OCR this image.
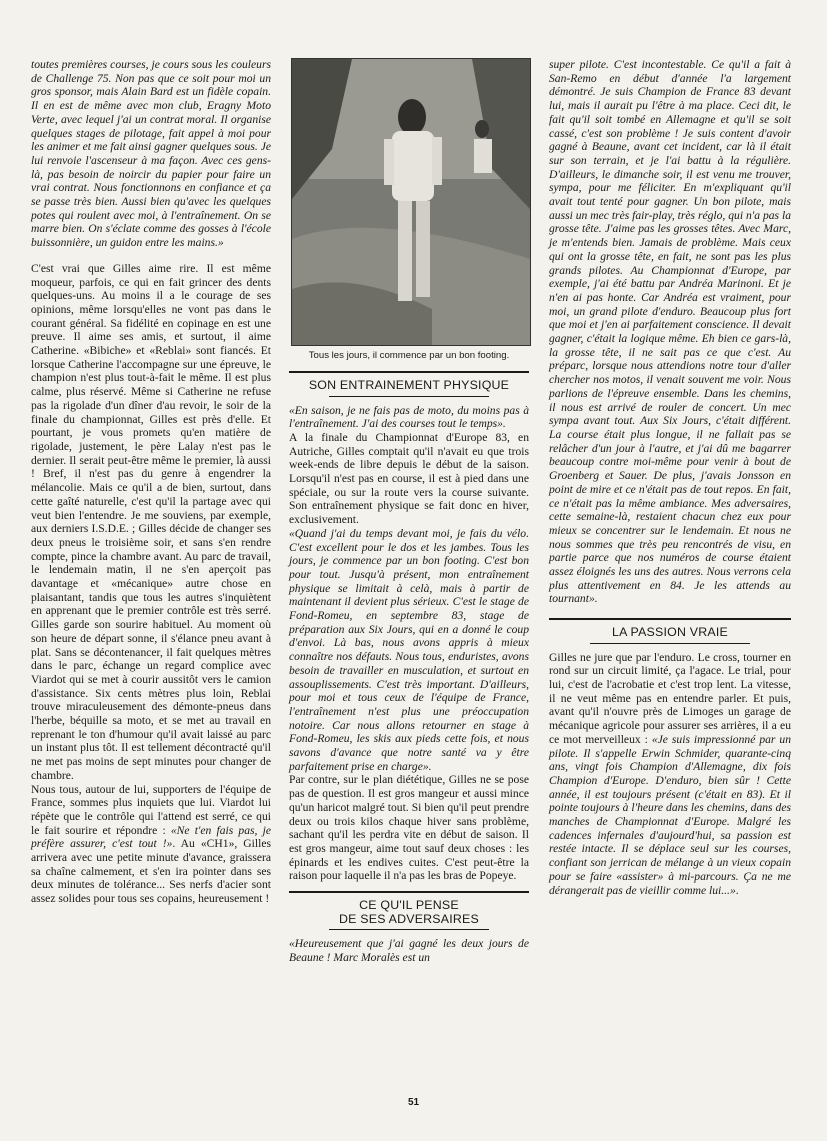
toutes premières courses, je cours sous les couleurs de Challenge 75. Non pas que ce soit pour moi un gros sponsor, mais Alain Bard est un fidèle copain. Il en est de même avec mon club, Eragny Moto Verte, avec lequel j'ai un contrat moral. Il organise quelques stages de pilotage, fait appel à moi pour les animer et me fait ainsi gagner quelques sous. Je lui renvoie l'ascenseur à ma façon. Avec ces gens-là, pas besoin de noircir du papier pour faire un vrai contrat. Nous fonctionnons en confiance et ça se passe très bien. Aussi bien qu'avec les quelques potes qui roulent avec moi, à l'entraînement. On se marre bien. On s'éclate comme des gosses à l'école buissonnière, un guidon entre les mains.»

C'est vrai que Gilles aime rire. Il est même moqueur, parfois, ce qui en fait grincer des dents quelques-uns. Au moins il a le courage de ses opinions, même lorsqu'elles ne vont pas dans le courant général. Sa fidélité en copinage en est une preuve. Il aime ses amis, et surtout, il aime Catherine. «Bibiche» et «Reblai» sont fiancés. Et lorsque Catherine l'accompagne sur une épreuve, le champion n'est plus tout-à-fait le même. Il est plus calme, plus réservé. Même si Catherine ne refuse pas la rigolade d'un dîner d'au revoir, le soir de la finale du championnat, Gilles est près d'elle. Et pourtant, je vous promets qu'en matière de rigolade, justement, le père Lalay n'est pas le dernier. Il serait peut-être même le premier, là aussi ! Bref, il n'est pas du genre à engendrer la mélancolie. Mais ce qu'il a de bien, surtout, dans cette gaîté naturelle, c'est qu'il la partage avec qui veut bien l'entendre. Je me souviens, par exemple, aux derniers I.S.D.E. ; Gilles décide de changer ses deux pneus le troisième soir, et sans s'en rendre compte, pince la chambre avant. Au parc de travail, le lendemain matin, il ne s'en aperçoit pas davantage et «mécanique» autre chose en plaisantant, tandis que tous les autres s'inquiètent en apprenant que le premier contrôle est très serré. Gilles garde son sourire habituel. Au moment où son heure de départ sonne, il s'élance pneu avant à plat. Sans se décontenancer, il fait quelques mètres dans le parc, échange un regard complice avec Viardot qui se met à courir aussitôt vers le camion d'assistance. Six cents mètres plus loin, Reblai trouve miraculeusement des démonte-pneus dans l'herbe, béquille sa moto, et se met au travail en reprenant le ton d'humour qu'il avait laissé au parc un instant plus tôt. Il est tellement décontracté qu'il ne met pas moins de sept minutes pour changer de chambre.

Nous tous, autour de lui, supporters de l'équipe de France, sommes plus inquiets que lui. Viardot lui répète que le contrôle qui l'attend est serré, ce qui le fait sourire et répondre : «Ne t'en fais pas, je préfère assurer, c'est tout !». Au «CH1», Gilles arrivera avec une petite minute d'avance, graissera sa chaîne calmement, et s'en ira pointer dans ses deux minutes de tolérance... Ses nerfs d'acier sont assez solides pour tous ses copains, heureusement !

Tous les jours, il commence par un bon footing.
SON ENTRAINEMENT PHYSIQUE

«En saison, je ne fais pas de moto, du moins pas à l'entraînement. J'ai des courses tout le temps».

A la finale du Championnat d'Europe 83, en Autriche, Gilles comptait qu'il n'avait eu que trois week-ends de libre depuis le début de la saison. Lorsqu'il n'est pas en course, il est à pied dans une spéciale, ou sur la route vers la course suivante. Son entraînement physique se fait donc en hiver, exclusivement.

«Quand j'ai du temps devant moi, je fais du vélo. C'est excellent pour le dos et les jambes. Tous les jours, je commence par un bon footing. C'est bon pour tout. Jusqu'à présent, mon entraînement physique se limitait à celà, mais à partir de maintenant il devient plus sérieux. C'est le stage de Fond-Romeu, en septembre 83, stage de préparation aux Six Jours, qui en a donné le coup d'envoi. Là bas, nous avons appris à mieux connaître nos défauts. Nous tous, enduristes, avons besoin de travailler en musculation, et surtout en assouplissements. C'est très important. D'ailleurs, pour moi et tous ceux de l'équipe de France, l'entraînement n'est plus une préoccupation notoire. Car nous allons retourner en stage à Fond-Romeu, les skis aux pieds cette fois, et nous savons d'avance que notre santé va y être parfaitement prise en charge».

Par contre, sur le plan diététique, Gilles ne se pose pas de question. Il est gros mangeur et aussi mince qu'un haricot malgré tout. Si bien qu'il peut prendre deux ou trois kilos chaque hiver sans problème, sachant qu'il les perdra vite en début de saison. Il est gros mangeur, aime tout sauf deux choses : les épinards et les endives cuites. C'est peut-être la raison pour laquelle il n'a pas les bras de Popeye.

CE QU'IL PENSE
DE SES ADVERSAIRES

«Heureusement que j'ai gagné les deux jours de Beaune ! Marc Moralès est un

super pilote. C'est incontestable. Ce qu'il a fait à San-Remo en début d'année l'a largement démontré. Je suis Champion de France 83 devant lui, mais il aurait pu l'être à ma place. Ceci dit, le fait qu'il soit tombé en Allemagne et qu'il se soit cassé, c'est son problème ! Je suis content d'avoir gagné à Beaune, avant cet incident, car là il était sur son terrain, et je l'ai battu à la régulière. D'ailleurs, le dimanche soir, il est venu me trouver, sympa, pour me féliciter. En m'expliquant qu'il avait tout tenté pour gagner. Un bon pilote, mais aussi un mec très fair-play, très réglo, qui n'a pas la grosse tête. J'aime pas les grosses têtes. Avec Marc, je m'entends bien. Jamais de problème. Mais ceux qui ont la grosse tête, en fait, ne sont pas les plus grands pilotes. Au Championnat d'Europe, par exemple, j'ai été battu par Andréa Marinoni. Et je n'en ai pas honte. Car Andréa est vraiment, pour moi, un grand pilote d'enduro. Beaucoup plus fort que moi et j'en ai parfaitement conscience. Il devait gagner, c'était la logique même. Eh bien ce gars-là, la grosse tête, il ne sait pas ce que c'est. Au préparc, lorsque nous attendions notre tour d'aller chercher nos motos, il venait souvent me voir. Nous parlions de l'épreuve ensemble. Dans les chemins, il nous est arrivé de rouler de concert. Un mec sympa avant tout. Aux Six Jours, c'était différent. La course était plus longue, il ne fallait pas se relâcher d'un jour à l'autre, et j'ai dû me bagarrer beaucoup contre moi-même pour venir à bout de Groenberg et Sauer. De plus, j'avais Jonsson en point de mire et ce n'était pas de tout repos. En fait, ce n'était pas la même ambiance. Mes adversaires, cette semaine-là, restaient chacun chez eux pour mieux se concentrer sur le lendemain. Et nous ne nous sommes que très peu rencontrés de visu, en partie parce que nos numéros de course étaient assez éloignés les uns des autres. Nous verrons cela plus attentivement en 84. Je les attends au tournant».

LA PASSION VRAIE

Gilles ne jure que par l'enduro. Le cross, tourner en rond sur un circuit limité, ça l'agace. Le trial, pour lui, c'est de l'acrobatie et c'est trop lent. La vitesse, il ne veut même pas en entendre parler. Et puis, avant qu'il n'ouvre près de Limoges un garage de mécanique agricole pour assurer ses arrières, il a eu ce mot merveilleux : «Je suis impressionné par un pilote. Il s'appelle Erwin Schmider, quarante-cinq ans, vingt fois Champion d'Allemagne, dix fois Champion d'Europe. D'enduro, bien sûr ! Cette année, il est toujours présent (c'était en 83). Et il pointe toujours à l'heure dans les chemins, dans des manches de Championnat d'Europe. Malgré les cadences infernales d'aujourd'hui, sa passion est restée intacte. Il se déplace seul sur les courses, confiant son jerrican de mélange à un vieux copain pour se faire «assister» à mi-parcours. Ça ne me dérangerait pas de vieillir comme lui...».

51
